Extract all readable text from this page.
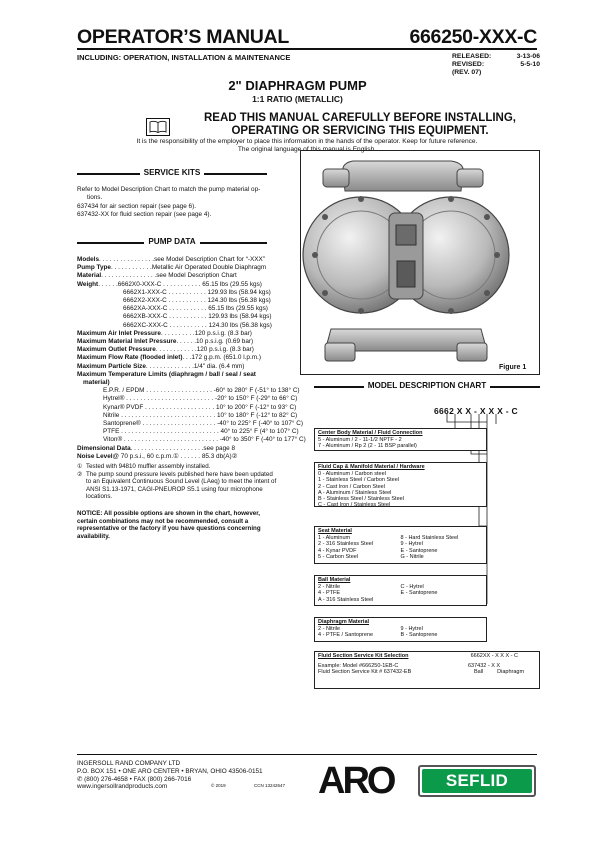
OPERATOR’S MANUAL	666250-XXX-C
INCLUDING: OPERATION, INSTALLATION & MAINTENANCE	RELEASED:	3-13-06
REVISED:	5-5-10
(REV. 07)
2" DIAPHRAGM PUMP
1:1 RATIO (METALLIC)
READ THIS MANUAL CAREFULLY BEFORE INSTALLING,
OPERATING OR SERVICING THIS EQUIPMENT.
It is the responsibility of the employer to place this information in the hands of the operator. Keep for future reference.
The original language of this manual is English.
SERVICE KITS
Refer to Model Description Chart to match the pump material op-
tions.
637434 for air section repair (see page 6).
637432-XX for fluid section repair (see page 4).
PUMP DATA
Models . . . . . . . . . . . . . . . . see Model Description Chart for “-XXX”
Pump Type . . . . . . . . . . . . Metallic Air Operated Double Diaphragm
Material . . . . . . . . . . . . . . . . see Model Description Chart
Weight . . . . . . 6662X0-XXX-C . . . . . . . . . . . 65.15 lbs (29.55 kgs)
6662X1-XXX-C . . . . . . . . . . . 129.93 lbs (58.94 kgs)
6662X2-XXX-C . . . . . . . . . . . 124.30 lbs (56.38 kgs)
6662XA-XXX-C . . . . . . . . . . . 65.15 lbs (29.55 kgs)
6662XB-XXX-C . . . . . . . . . . . 129.93 lbs (58.94 kgs)
6662XC-XXX-C . . . . . . . . . . . 124.30 lbs (56.38 kgs)
Maximum Air Inlet Pressure . . . . . . . . . . 120 p.s.i.g. (8.3 bar)
Maximum Material Inlet Pressure . . . . . . 10 p.s.i.g. (0.69 bar)
Maximum Outlet Pressure . . . . . . . . . . . . 120 p.s.i.g. (8.3 bar)
Maximum Flow Rate (flooded inlet) . . . 172 g.p.m. (651.0 l.p.m.)
Maximum Particle Size . . . . . . . . . . . . . . 1/4" dia. (6.4 mm)
Maximum Temperature Limits (diaphragm / ball / seal / seat
material)
E.P.R. / EPDM . . . . . . . . . . . . . . . . . . . -60° to 280° F (-51° to 138° C)
Hytrel® . . . . . . . . . . . . . . . . . . . . . . . . . -20° to 150° F (-29° to 66° C)
Kynar® PVDF . . . . . . . . . . . . . . . . . . . . 10° to 200° F (-12° to 93° C)
Nitrile . . . . . . . . . . . . . . . . . . . . . . . . . . . 10° to 180° F (-12° to 82° C)
Santoprene® . . . . . . . . . . . . . . . . . . . . . -40° to 225° F (-40° to 107° C)
PTFE . . . . . . . . . . . . . . . . . . . . . . . . . . . . 40° to 225° F (4° to 107° C)
Viton® . . . . . . . . . . . . . . . . . . . . . . . . . . . -40° to 350° F (-40° to 177° C)
Dimensional Data . . . . . . . . . . . . . . . . . . . . . see page 8
Noise Level @ 70 p.s.i., 60 c.p.m.① . . . . . . 85.3 db(A)②
① Tested with 94810 muffler assembly installed.
② The pump sound pressure levels published here have been updated to an Equivalent Continuous Sound Level (LAeq) to meet the intent of ANSI S1.13-1971, CAGI-PNEUROP S5.1 using four microphone locations.
NOTICE: All possible options are shown in the chart, however, certain combinations may not be recommended, consult a representative or the factory if you have questions concerning availability.
Figure 1
MODEL DESCRIPTION CHART
6662 X X - X X X - C
Center Body Material / Fluid Connection
5 - Aluminum / 2 - 11-1/2 NPTF - 2
7 - Aluminum / Rp 2 (2 - 11 BSP parallel)
Fluid Cap & Manifold Material / Hardware
0 - Aluminum / Carbon steel
1 - Stainless Steel / Carbon Steel
2 - Cast Iron / Carbon Steel
A - Aluminum / Stainless Steel
B - Stainless Steel / Stainless Steel
C - Cast Iron / Stainless Steel
Seat Material
1 - Aluminum
2 - 316 Stainless Steel
4 - Kynar PVDF
5 - Carbon Steel
8 - Hard Stainless Steel
9 - Hytrel
E - Santoprene
G - Nitrile
Ball Material
2 - Nitrile
4 - PTFE
A - 316 Stainless Steel
C - Hytrel
E - Santoprene
Diaphragm Material
2 - Nitrile
4 - PTFE / Santoprene
9 - Hytrel
B - Santoprene
Fluid Section Service Kit Selection	6662XX - X X X - C
Example: Model #666250-1EB-C
Fluid Section Service Kit # 637432-EB
637432 - X X
Ball	Diaphragm
INGERSOLL RAND COMPANY LTD
P.O. BOX 151 • ONE ARO CENTER • BRYAN, OHIO 43506-0151
✆ (800) 276-4658 • FAX (800) 266-7016
www.ingersollrandproducts.com	© 2019	CCN 13242647 ARO	SEFLID
